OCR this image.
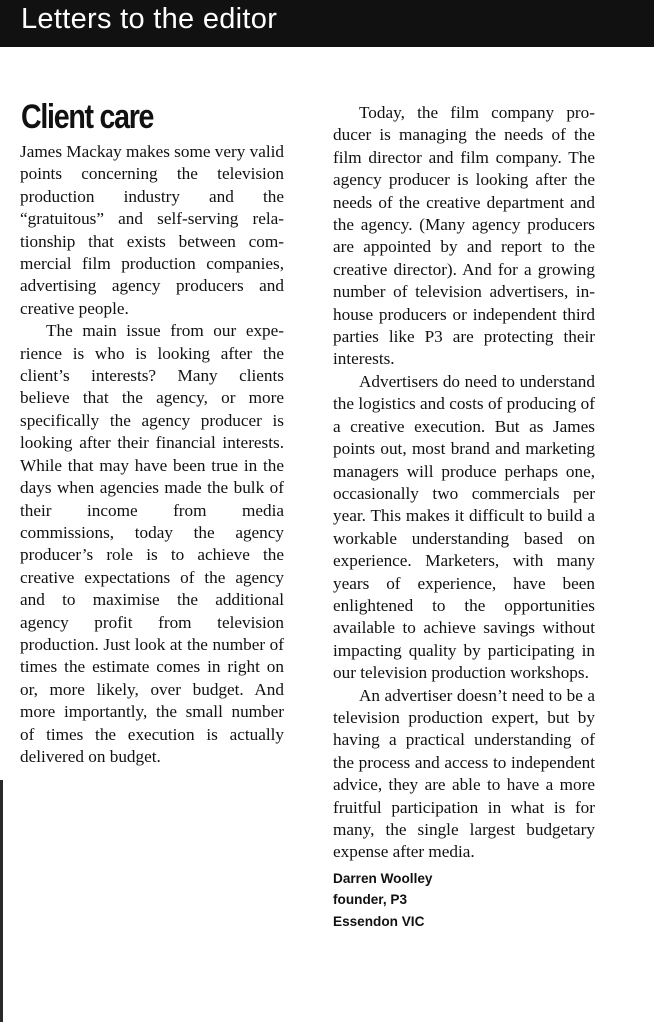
Letters to the editor
Client care

James Mackay makes some very valid points concerning the television production industry and the “gratuitous” and self-serving relationship that exists between commercial film production companies, advertising agency producers and creative people.

The main issue from our experience is who is looking after the client’s interests? Many clients believe that the agency, or more specifically the agency producer is looking after their financial interests. While that may have been true in the days when agencies made the bulk of their income from media commissions, today the agency producer’s role is to achieve the creative expectations of the agency and to maximise the additional agency profit from television production. Just look at the number of times the estimate comes in right on or, more likely, over budget. And more importantly, the small number of times the execution is actually delivered on budget.

Today, the film company producer is managing the needs of the film director and film company. The agency producer is looking after the needs of the creative department and the agency. (Many agency producers are appointed by and report to the creative director). And for a growing number of television advertisers, in-house producers or independent third parties like P3 are protecting their interests.

Advertisers do need to understand the logistics and costs of producing of a creative execution. But as James points out, most brand and marketing managers will produce perhaps one, occasionally two commercials per year. This makes it difficult to build a workable understanding based on experience. Marketers, with many years of experience, have been enlightened to the opportunities available to achieve savings without impacting quality by participating in our television production workshops.

An advertiser doesn’t need to be a television production expert, but by having a practical understanding of the process and access to independent advice, they are able to have a more fruitful participation in what is for many, the single largest budgetary expense after media.

Darren Woolley
founder, P3
Essendon VIC
